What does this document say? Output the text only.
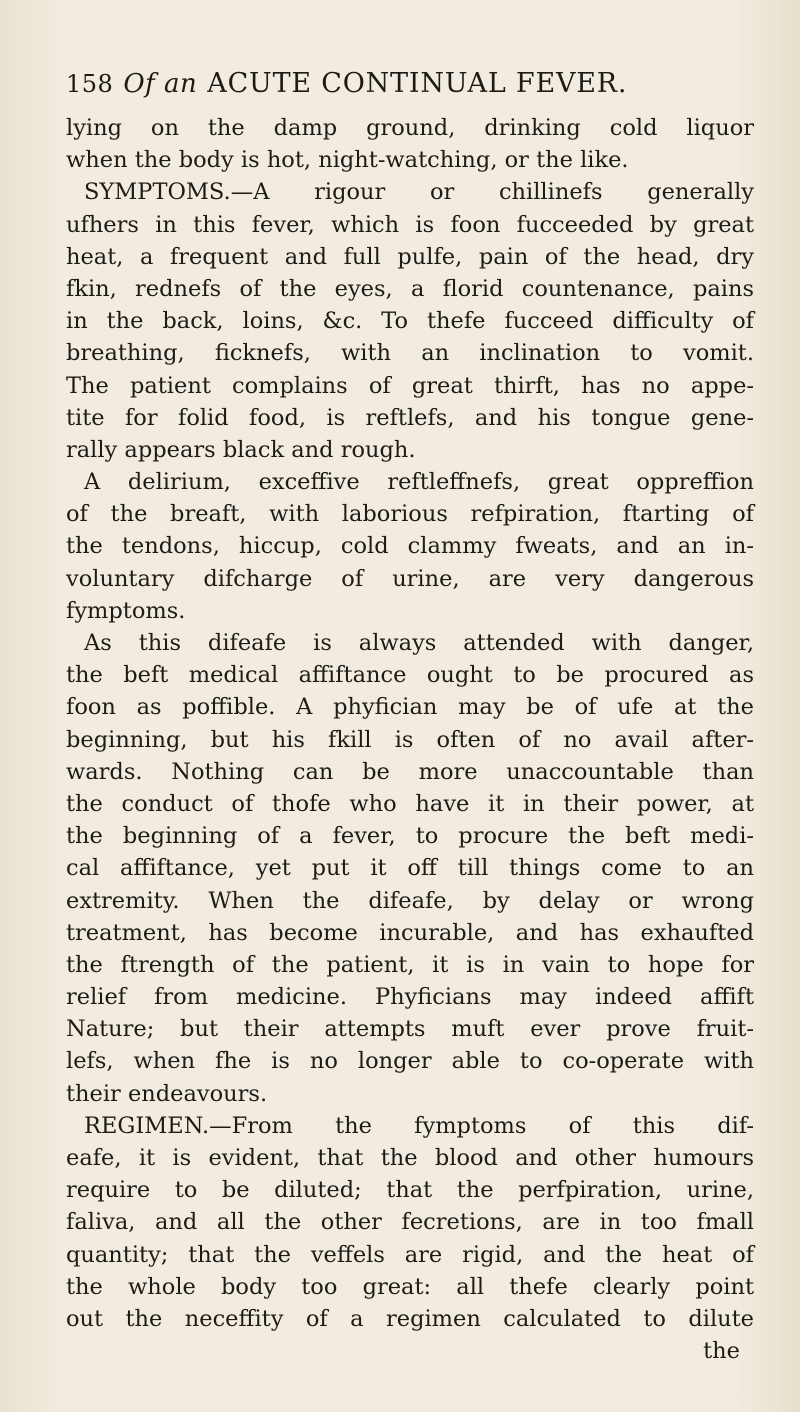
158 Of an ACUTE CONTINUAL FEVER.
lying on the damp ground, drinking cold liquor
when the body is hot, night-watching, or the like.
SYMPTOMS.—A rigour or chillinefs generally
ufhers in this fever, which is foon fucceeded by great
heat, a frequent and full pulfe, pain of the head, dry
fkin, rednefs of the eyes, a florid countenance, pains
in the back, loins, &c. To thefe fucceed difficulty of
breathing, ficknefs, with an inclination to vomit.
The patient complains of great thirft, has no appe-
tite for folid food, is reftlefs, and his tongue gene-
rally appears black and rough.
A delirium, exceffive reftleffnefs, great oppreffion
of the breaft, with laborious refpiration, ftarting of
the tendons, hiccup, cold clammy fweats, and an in-
voluntary difcharge of urine, are very dangerous
fymptoms.
As this difeafe is always attended with danger,
the beft medical affiftance ought to be procured as
foon as poffible. A phyfician may be of ufe at the
beginning, but his fkill is often of no avail after-
wards. Nothing can be more unaccountable than
the conduct of thofe who have it in their power, at
the beginning of a fever, to procure the beft medi-
cal affiftance, yet put it off till things come to an
extremity. When the difeafe, by delay or wrong
treatment, has become incurable, and has exhaufted
the ftrength of the patient, it is in vain to hope for
relief from medicine. Phyficians may indeed affift
Nature; but their attempts muft ever prove fruit-
lefs, when fhe is no longer able to co-operate with
their endeavours.
REGIMEN.—From the fymptoms of this dif-
eafe, it is evident, that the blood and other humours
require to be diluted; that the perfpiration, urine,
faliva, and all the other fecretions, are in too fmall
quantity; that the veffels are rigid, and the heat of
the whole body too great: all thefe clearly point
out the neceffity of a regimen calculated to dilute
the
